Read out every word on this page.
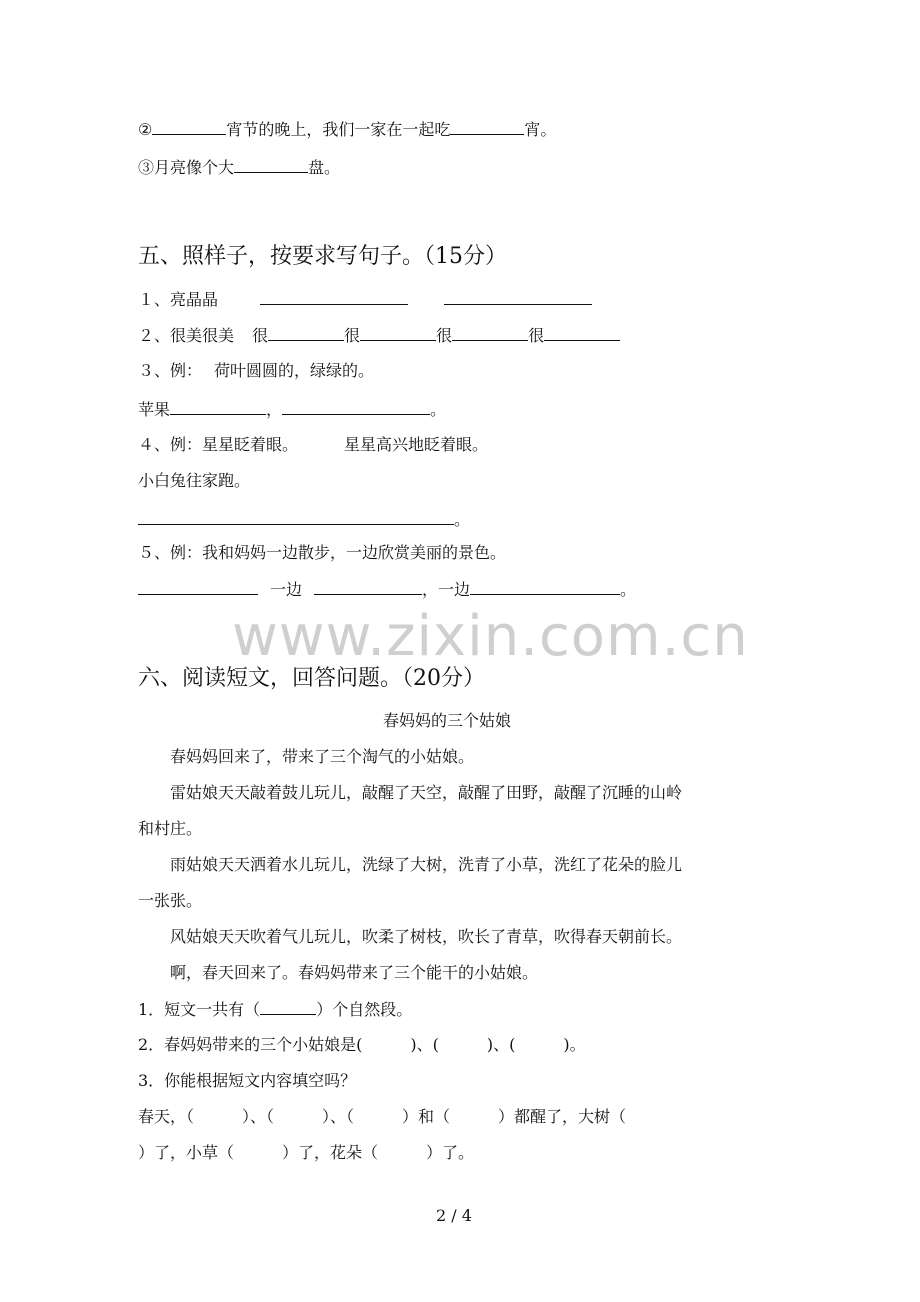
②	宵节的晚上，我们一家在一起吃	宵。
③月亮像个大	盘。
五、照样子，按要求写句子。（15分）
１、亮晶晶
２、很美很美 很	很	很	很
３、例： 荷叶圆圆的，绿绿的。
苹果	，	。
４、例：星星眨着眼。	星星高兴地眨着眼。
小白兔往家跑。
。
５、例：我和妈妈一边散步，一边欣赏美丽的景色。
一边	，一边	。
www.zixin.com.cn
六、阅读短文，回答问题。（20分）
春妈妈的三个姑娘
春妈妈回来了，带来了三个淘气的小姑娘。
雷姑娘天天敲着鼓儿玩儿，敲醒了天空，敲醒了田野，敲醒了沉睡的山岭
和村庄。
雨姑娘天天洒着水儿玩儿，洗绿了大树，洗青了小草，洗红了花朵的脸儿
一张张。
风姑娘天天吹着气儿玩儿，吹柔了树枝，吹长了青草，吹得春天朝前长。
啊，春天回来了。春妈妈带来了三个能干的小姑娘。
1．短文一共有（	）个自然段。
2．春妈妈带来的三个小姑娘是(　　　)、(　　　)、(　　　)。
3．你能根据短文内容填空吗？
春天，（　　　）、（　　　）、（　　　）和（　　　）都醒了，大树（
）了，小草（　　　）了，花朵（　　　）了。
2 / 4
